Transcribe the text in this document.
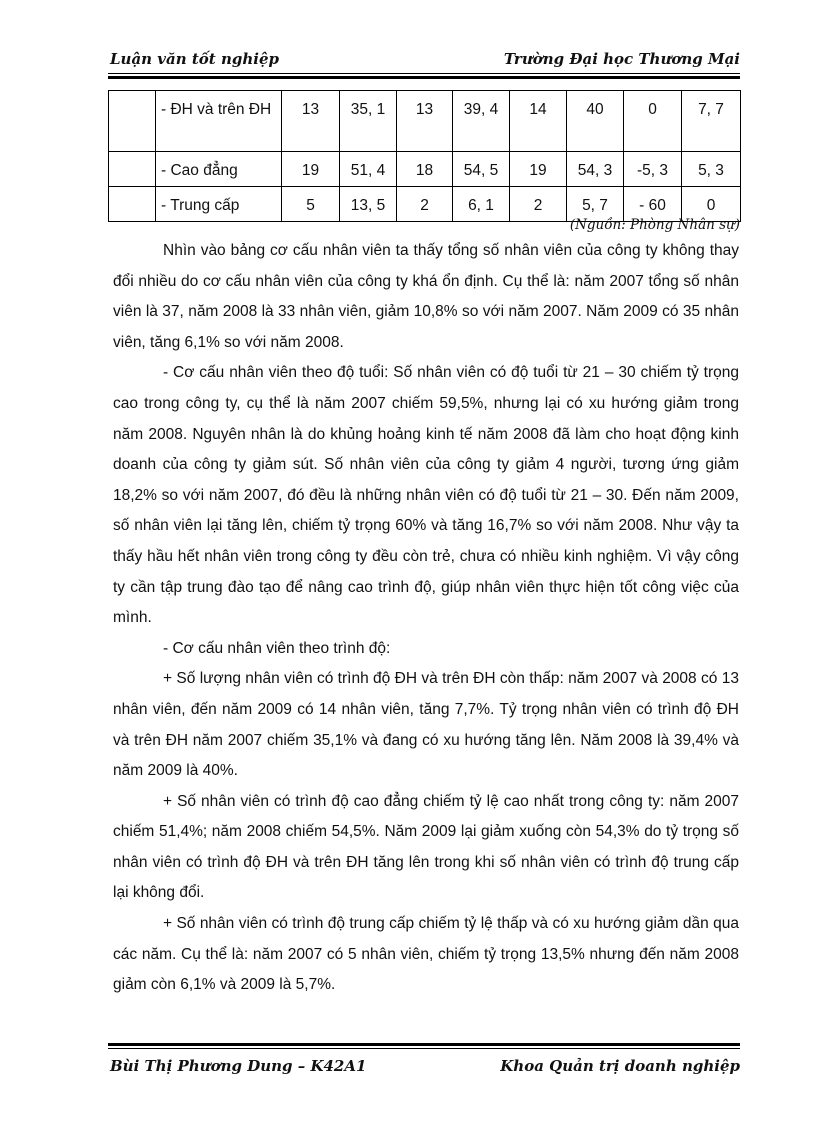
Luận văn tốt nghiệp	Trường Đại học Thương Mại
	- ĐH và trên ĐH	13	35, 1	13	39, 4	14	40	0	7, 7
	- Cao đẳng	19	51, 4	18	54, 5	19	54, 3	-5, 3	5, 3
	- Trung cấp	5	13, 5	2	6, 1	2	5, 7	- 60	0
(Nguồn: Phòng Nhân sự)

Nhìn vào bảng cơ cấu nhân viên ta thấy tổng số nhân viên của công ty không thay đổi nhiều do cơ cấu nhân viên của công ty khá ổn định. Cụ thể là: năm 2007 tổng số nhân viên là 37, năm 2008 là 33 nhân viên, giảm 10,8% so với năm 2007. Năm 2009 có 35 nhân viên, tăng 6,1% so với năm 2008.

- Cơ cấu nhân viên theo độ tuổi: Số nhân viên có độ tuổi từ 21 – 30 chiếm tỷ trọng cao trong công ty, cụ thể là năm 2007 chiếm 59,5%, nhưng lại có xu hướng giảm trong năm 2008. Nguyên nhân là do khủng hoảng kinh tế năm 2008 đã làm cho hoạt động kinh doanh của công ty giảm sút. Số nhân viên của công ty giảm 4 người, tương ứng giảm 18,2% so với năm 2007, đó đều là những nhân viên có độ tuổi từ 21 – 30. Đến năm 2009, số nhân viên lại tăng lên, chiếm tỷ trọng 60% và tăng 16,7% so với năm 2008. Như vậy ta thấy hầu hết nhân viên trong công ty đều còn trẻ, chưa có nhiều kinh nghiệm. Vì vậy công ty cần tập trung đào tạo để nâng cao trình độ, giúp nhân viên thực hiện tốt công việc của mình.

- Cơ cấu nhân viên theo trình độ:

+ Số lượng nhân viên có trình độ ĐH và trên ĐH còn thấp: năm 2007 và 2008 có 13 nhân viên, đến năm 2009 có 14 nhân viên, tăng 7,7%. Tỷ trọng nhân viên có trình độ ĐH và trên ĐH năm 2007 chiếm 35,1% và đang có xu hướng tăng lên. Năm 2008 là 39,4% và năm 2009 là 40%.

+ Số nhân viên có trình độ cao đẳng chiếm tỷ lệ cao nhất trong công ty: năm 2007 chiếm 51,4%; năm 2008 chiếm 54,5%. Năm 2009 lại giảm xuống còn 54,3% do tỷ trọng số nhân viên có trình độ ĐH và trên ĐH tăng lên trong khi số nhân viên có trình độ trung cấp lại không đổi.

+ Số nhân viên có trình độ trung cấp chiếm tỷ lệ thấp và có xu hướng giảm dần qua các năm. Cụ thể là: năm 2007 có 5 nhân viên, chiếm tỷ trọng 13,5% nhưng đến năm 2008 giảm còn 6,1% và 2009 là 5,7%.

Bùi Thị Phương Dung – K42A1	Khoa Quản trị doanh nghiệp
